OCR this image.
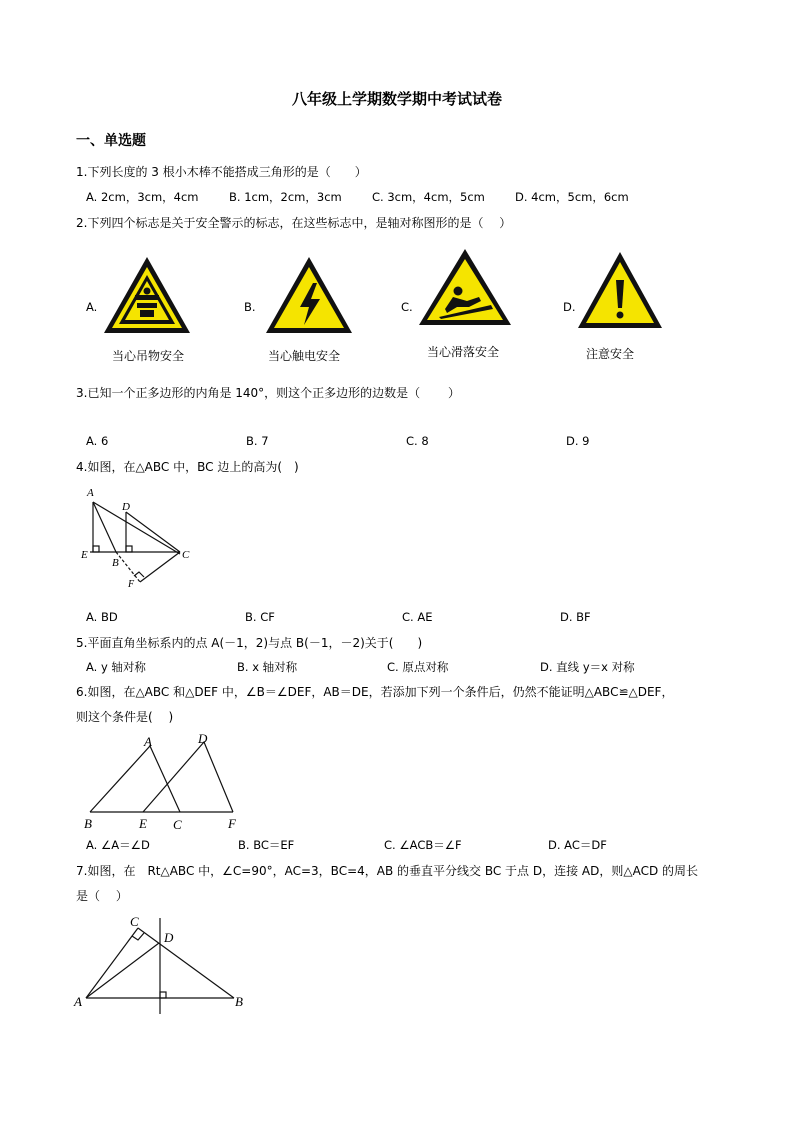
八年级上学期数学期中考试试卷
一、单选题
1.下列长度的 3 根小木棒不能搭成三角形的是（　　）
A. 2cm，3cm，4cm	B. 1cm，2cm，3cm	C. 3cm，4cm，5cm	D. 4cm，5cm，6cm
2.下列四个标志是关于安全警示的标志，在这些标志中，是轴对称图形的是（　 ）
A.	B.	C.	D.
当心吊物安全	当心触电安全	当心滑落安全	注意安全
3.已知一个正多边形的内角是 140°，则这个正多边形的边数是（　　 ）
A. 6	B. 7	C. 8	D. 9
4.如图，在△ABC 中，BC 边上的高为(　)
A
D
E
B
C
F
A. BD	B. CF	C. AE	D. BF
5.平面直角坐标系内的点 A(－1，2)与点 B(－1，－2)关于(　　)
A. y 轴对称	B. x 轴对称	C. 原点对称	D. 直线 y＝x 对称
6.如图，在△ABC 和△DEF 中，∠B＝∠DEF，AB＝DE，若添加下列一个条件后，仍然不能证明△ABC≌△DEF，
则这个条件是(　 )
A	D
B	E C	F
A. ∠A＝∠D	B. BC＝EF	C. ∠ACB＝∠F	D. AC＝DF
7.如图，在　Rt△ABC 中，∠C=90°，AC=3，BC=4，AB 的垂直平分线交 BC 于点 D，连接 AD，则△ACD 的周长
是（　 ）
C
D
A	B
